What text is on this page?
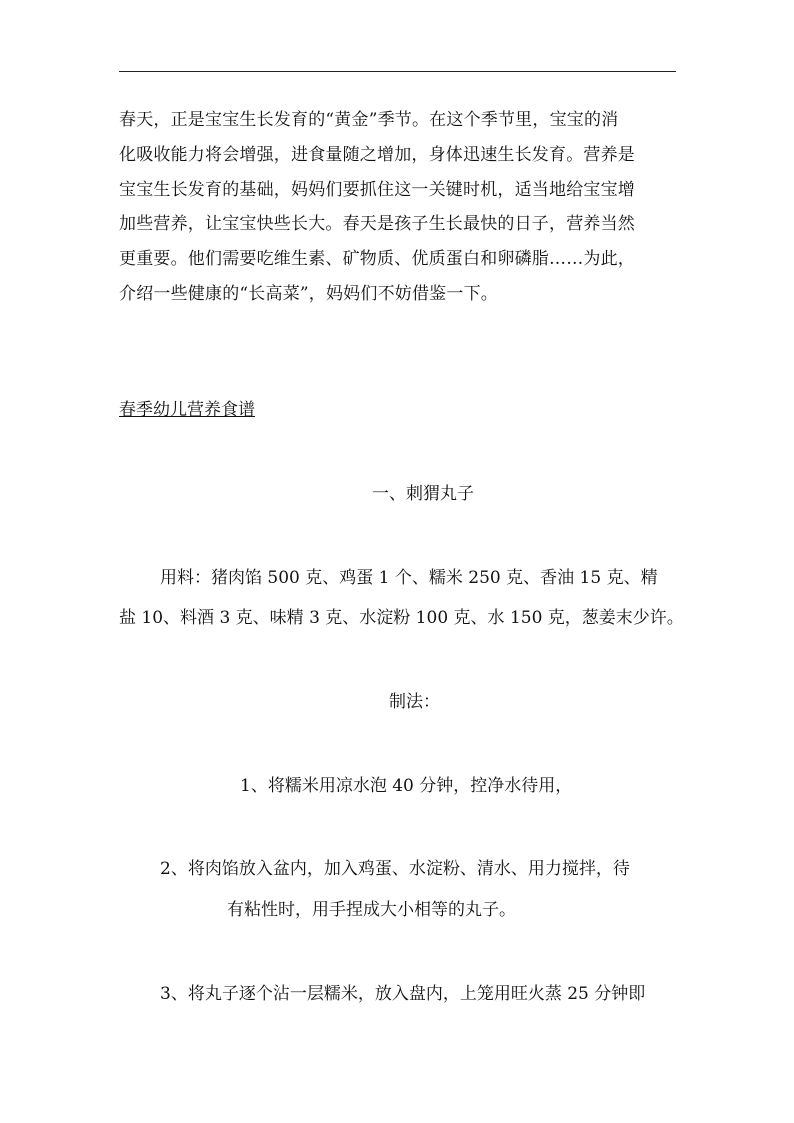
春天，正是宝宝生长发育的“黄金”季节。在这个季节里，宝宝的消
化吸收能力将会增强，进食量随之增加，身体迅速生长发育。营养是
宝宝生长发育的基础，妈妈们要抓住这一关键时机，适当地给宝宝增
加些营养，让宝宝快些长大。春天是孩子生长最快的日子，营养当然
更重要。他们需要吃维生素、矿物质、优质蛋白和卵磷脂……为此，
介绍一些健康的“长高菜”，妈妈们不妨借鉴一下。
春季幼儿营养食谱
一、刺猬丸子
用料：猪肉馅 500 克、鸡蛋 1 个、糯米 250 克、香油 15 克、精
盐 10、料酒 3 克、味精 3 克、水淀粉 100 克、水 150 克，葱姜末少许。
制法：
1、将糯米用凉水泡 40 分钟，控净水待用，
2、将肉馅放入盆内，加入鸡蛋、水淀粉、清水、用力搅拌，待
有粘性时，用手捏成大小相等的丸子。
3、将丸子逐个沾一层糯米，放入盘内，上笼用旺火蒸 25 分钟即
